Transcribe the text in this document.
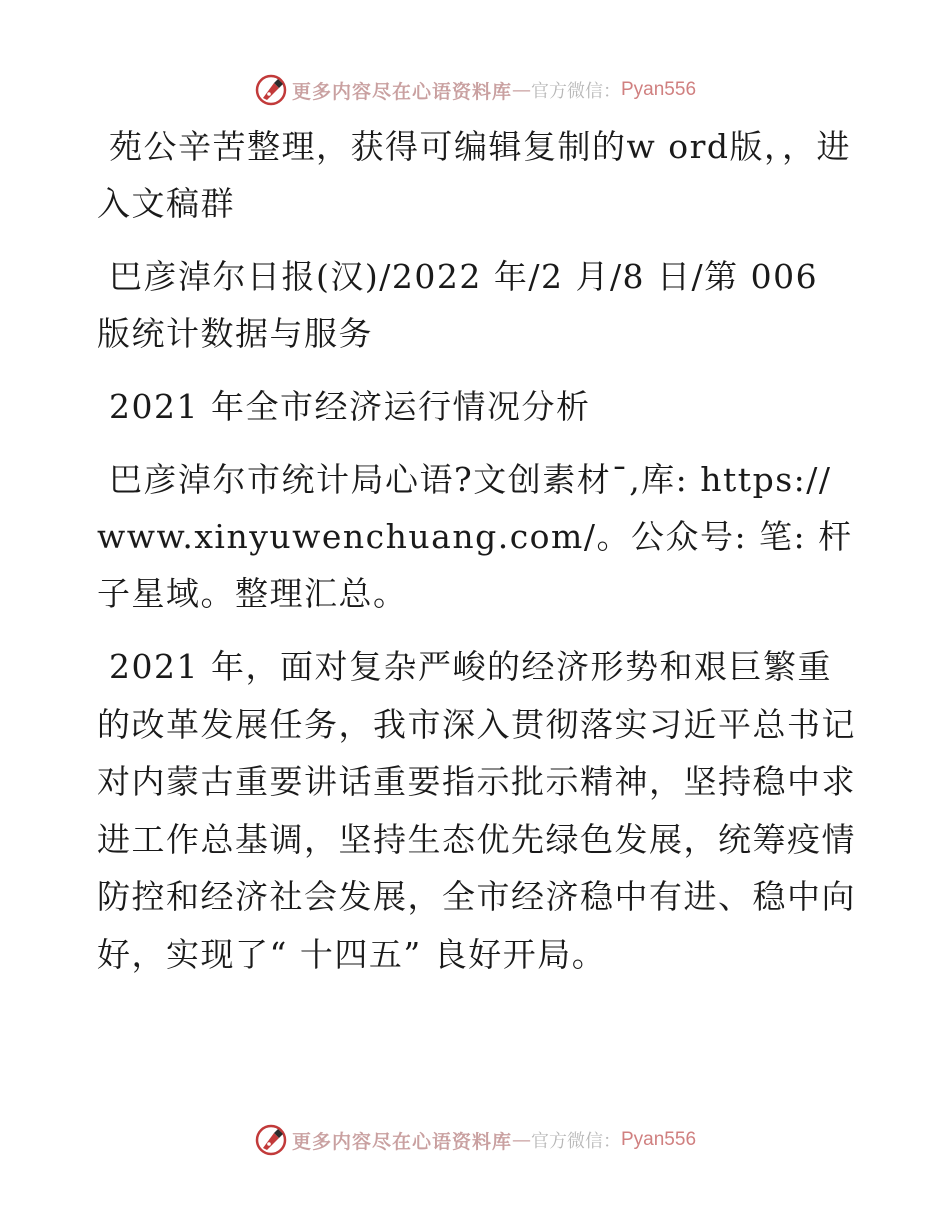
更多内容尽在心语资料库 — 官方微信： Pyan556

苑公辛苦整理，获得可编辑复制的w ord版，，进入文稿群

巴彦淖尔日报(汉)/2022 年/2 月/8 日/第 006 版统计数据与服务

2021 年全市经济运行情况分析

巴彦淖尔市统计局心语?文创素材¯,库: https://www.xinyuwenchuang.com/。公众号: 笔: 杆子星域。整理汇总。

2021 年，面对复杂严峻的经济形势和艰巨繁重的改革发展任务，我市深入贯彻落实习近平总书记对内蒙古重要讲话重要指示批示精神，坚持稳中求进工作总基调，坚持生态优先绿色发展，统筹疫情防控和经济社会发展，全市经济稳中有进、稳中向好，实现了“ 十四五” 良好开局。

更多内容尽在心语资料库 — 官方微信： Pyan556
